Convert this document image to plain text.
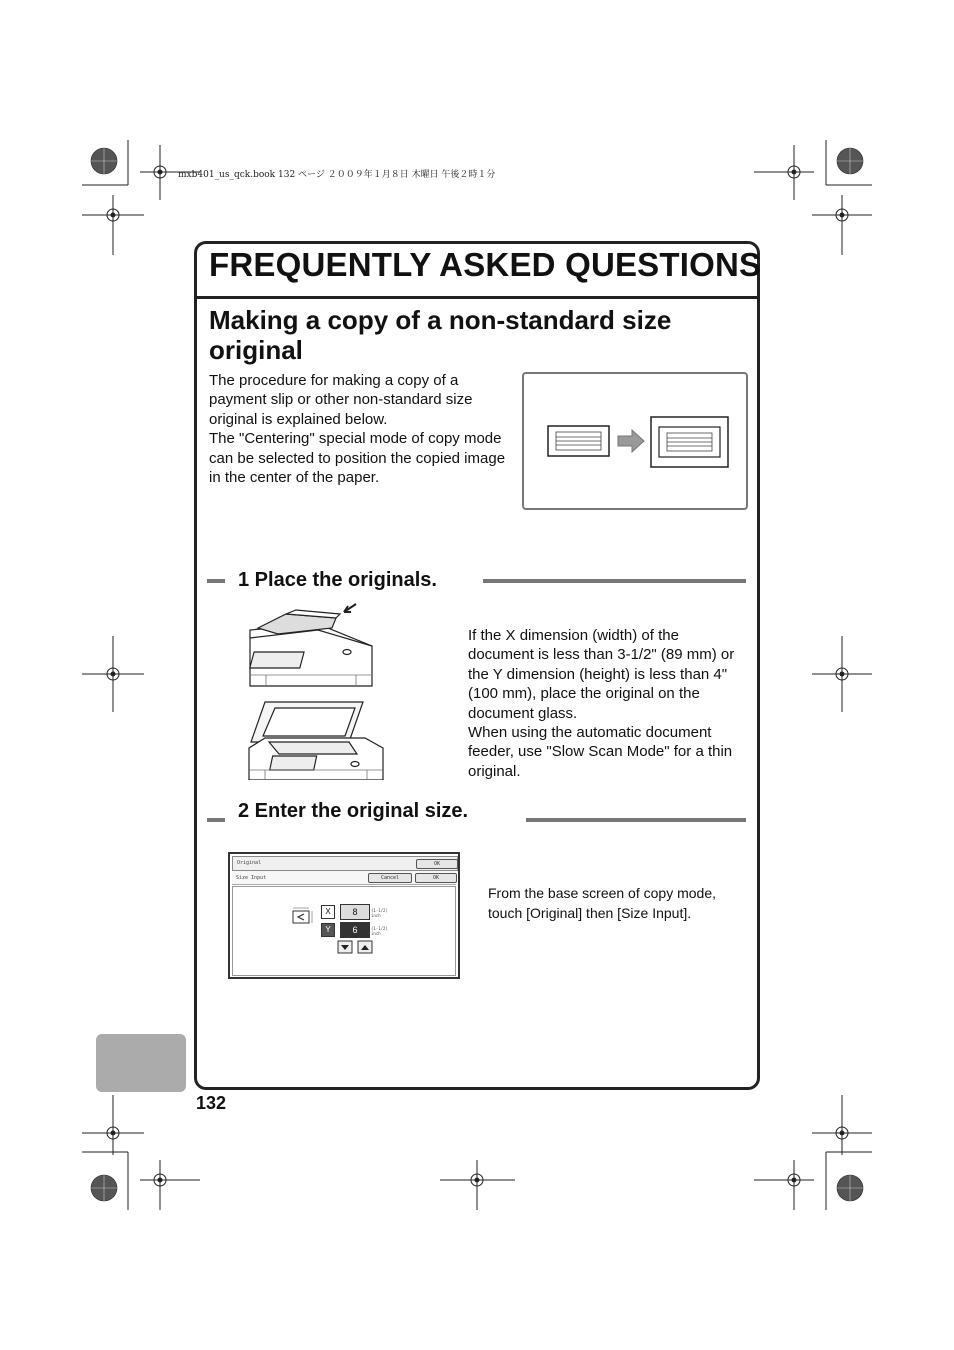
mxb401_us_qck.book 132 ページ ２００９年１月８日 木曜日 午後２時１分
FREQUENTLY ASKED QUESTIONS
Making a copy of a non-standard size original

The procedure for making a copy of a payment slip or other non-standard size original is explained below.

The "Centering" special mode of copy mode can be selected to position the copied image in the center of the paper.

1 Place the originals.

If the X dimension (width) of the document is less than 3-1/2" (89 mm) or the Y dimension (height) is less than 4" (100 mm), place the original on the document glass.

When using the automatic document feeder, use "Slow Scan Mode" for a thin original.

2 Enter the original size.
Original	OK
Size Input	Cancel	OK
X	8	(1-1/2)
inch
Y	6	(1-1/2)
inch
From the base screen of copy mode, touch [Original] then [Size Input].
132
